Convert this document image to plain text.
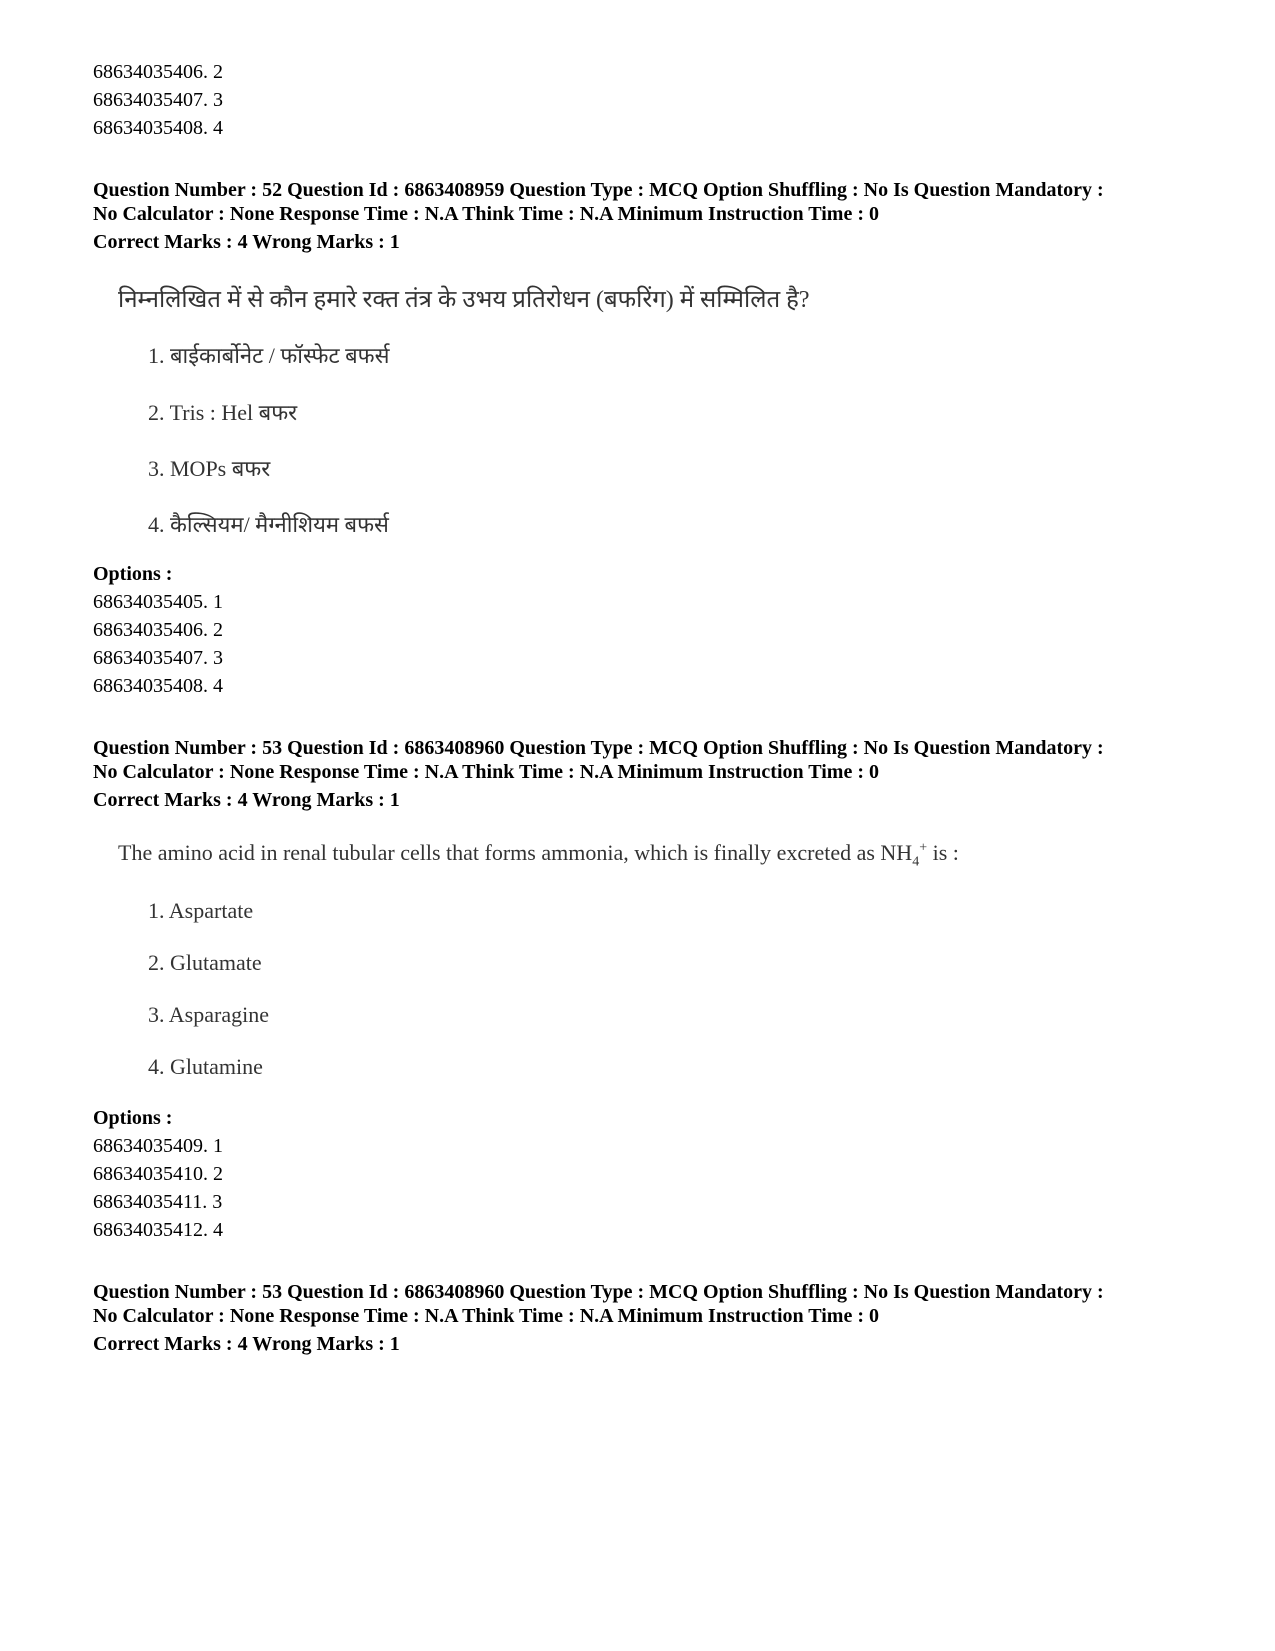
68634035406. 2
68634035407. 3
68634035408. 4
Question Number : 52 Question Id : 6863408959 Question Type : MCQ Option Shuffling : No Is Question Mandatory :
No Calculator : None Response Time : N.A Think Time : N.A Minimum Instruction Time : 0
Correct Marks : 4 Wrong Marks : 1
निम्नलिखित में से कौन हमारे रक्त तंत्र के उभय प्रतिरोधन (बफरिंग) में सम्मिलित है?
1. बाईकार्बोनेट / फॉस्फेट बफर्स
2. Tris : Hel बफर
3. MOPs बफर
4. कैल्सियम/ मैग्नीशियम बफर्स
Options :
68634035405. 1
68634035406. 2
68634035407. 3
68634035408. 4
Question Number : 53 Question Id : 6863408960 Question Type : MCQ Option Shuffling : No Is Question Mandatory :
No Calculator : None Response Time : N.A Think Time : N.A Minimum Instruction Time : 0
Correct Marks : 4 Wrong Marks : 1
The amino acid in renal tubular cells that forms ammonia, which is finally excreted as $NH_4^+$ is :
1. Aspartate
2. Glutamate
3. Asparagine
4. Glutamine
Options :
68634035409. 1
68634035410. 2
68634035411. 3
68634035412. 4
Question Number : 53 Question Id : 6863408960 Question Type : MCQ Option Shuffling : No Is Question Mandatory :
No Calculator : None Response Time : N.A Think Time : N.A Minimum Instruction Time : 0
Correct Marks : 4 Wrong Marks : 1
